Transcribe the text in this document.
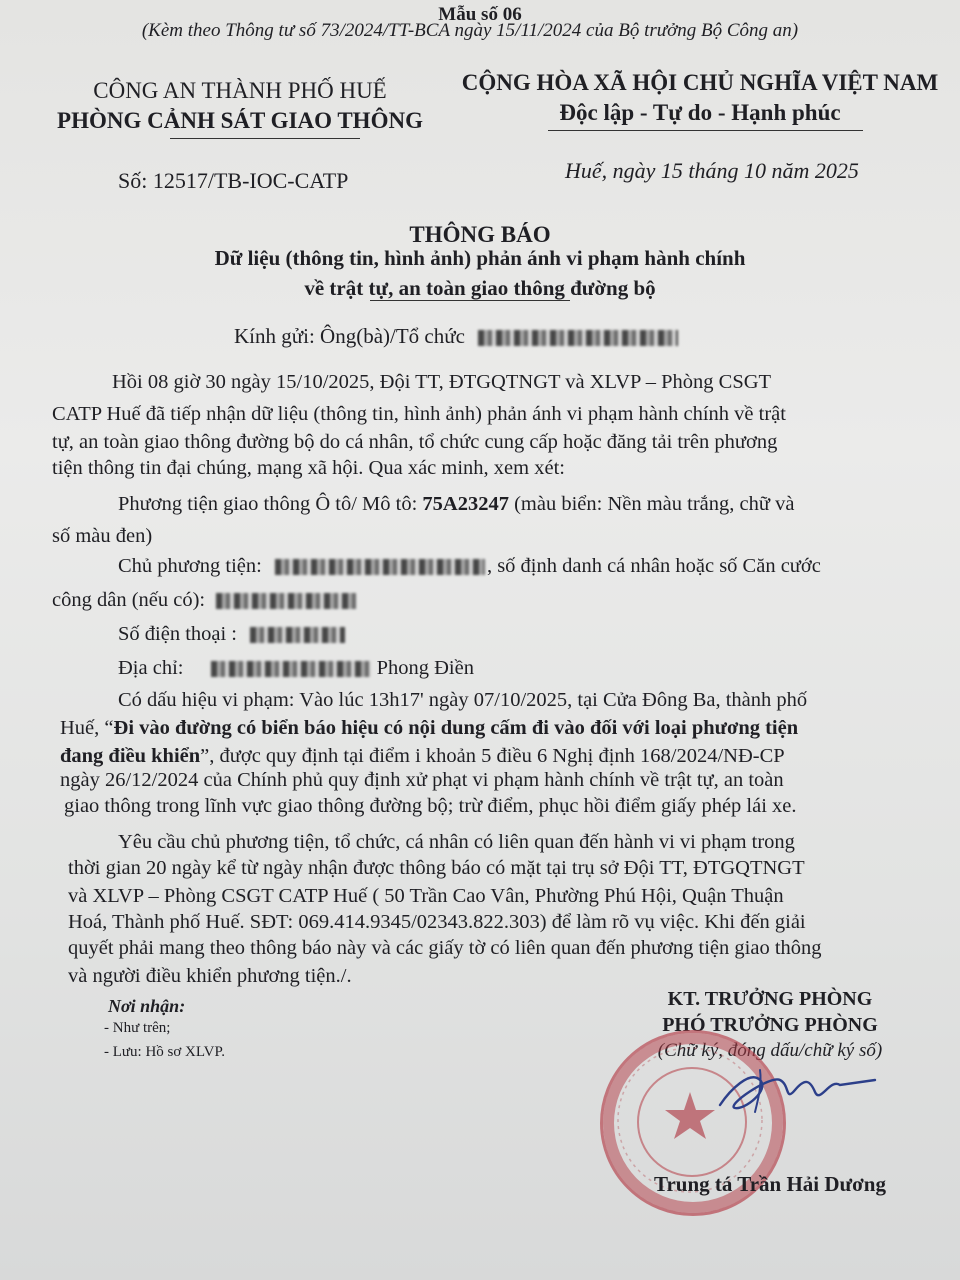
Mẫu số 06
(Kèm theo Thông tư số 73/2024/TT-BCA ngày 15/11/2024 của Bộ trưởng Bộ Công an)
CÔNG AN THÀNH PHỐ HUẾ
PHÒNG CẢNH SÁT GIAO THÔNG
CỘNG HÒA XÃ HỘI CHỦ NGHĨA VIỆT NAM
Độc lập - Tự do - Hạnh phúc
Số: 12517/TB-IOC-CATP	Huế, ngày 15 tháng 10 năm 2025
THÔNG BÁO
Dữ liệu (thông tin, hình ảnh) phản ánh vi phạm hành chính
về trật tự, an toàn giao thông đường bộ
Kính gửi: Ông(bà)/Tổ chức
Hồi 08 giờ 30 ngày 15/10/2025, Đội TT, ĐTGQTNGT và XLVP – Phòng CSGT
CATP Huế đã tiếp nhận dữ liệu (thông tin, hình ảnh) phản ánh vi phạm hành chính về trật
tự, an toàn giao thông đường bộ do cá nhân, tổ chức cung cấp hoặc đăng tải trên phương
tiện thông tin đại chúng, mạng xã hội. Qua xác minh, xem xét:
Phương tiện giao thông Ô tô/ Mô tô: 75A23247 (màu biển: Nền màu trắng, chữ và
số màu đen)
Chủ phương tiện:	, số định danh cá nhân hoặc số Căn cước
công dân (nếu có):
Số điện thoại :
Địa chỉ:	Phong Điền
Có dấu hiệu vi phạm: Vào lúc 13h17' ngày 07/10/2025, tại Cửa Đông Ba, thành phố
Huế, “Đi vào đường có biển báo hiệu có nội dung cấm đi vào đối với loại phương tiện
đang điều khiển”, được quy định tại điểm i khoản 5 điều 6 Nghị định 168/2024/NĐ-CP
ngày 26/12/2024 của Chính phủ quy định xử phạt vi phạm hành chính về trật tự, an toàn
giao thông trong lĩnh vực giao thông đường bộ; trừ điểm, phục hồi điểm giấy phép lái xe.
Yêu cầu chủ phương tiện, tổ chức, cá nhân có liên quan đến hành vi vi phạm trong
thời gian 20 ngày kể từ ngày nhận được thông báo có mặt tại trụ sở Đội TT, ĐTGQTNGT
và XLVP – Phòng CSGT CATP Huế ( 50 Trần Cao Vân, Phường Phú Hội, Quận Thuận
Hoá, Thành phố Huế. SĐT: 069.414.9345/02343.822.303) để làm rõ vụ việc. Khi đến giải
quyết phải mang theo thông báo này và các giấy tờ có liên quan đến phương tiện giao thông
và người điều khiển phương tiện./.
Nơi nhận:
- Như trên;
- Lưu: Hồ sơ XLVP.
KT. TRƯỞNG PHÒNG
PHÓ TRƯỞNG PHÒNG
(Chữ ký, đóng dấu/chữ ký số)
Trung tá Trần Hải Dương
